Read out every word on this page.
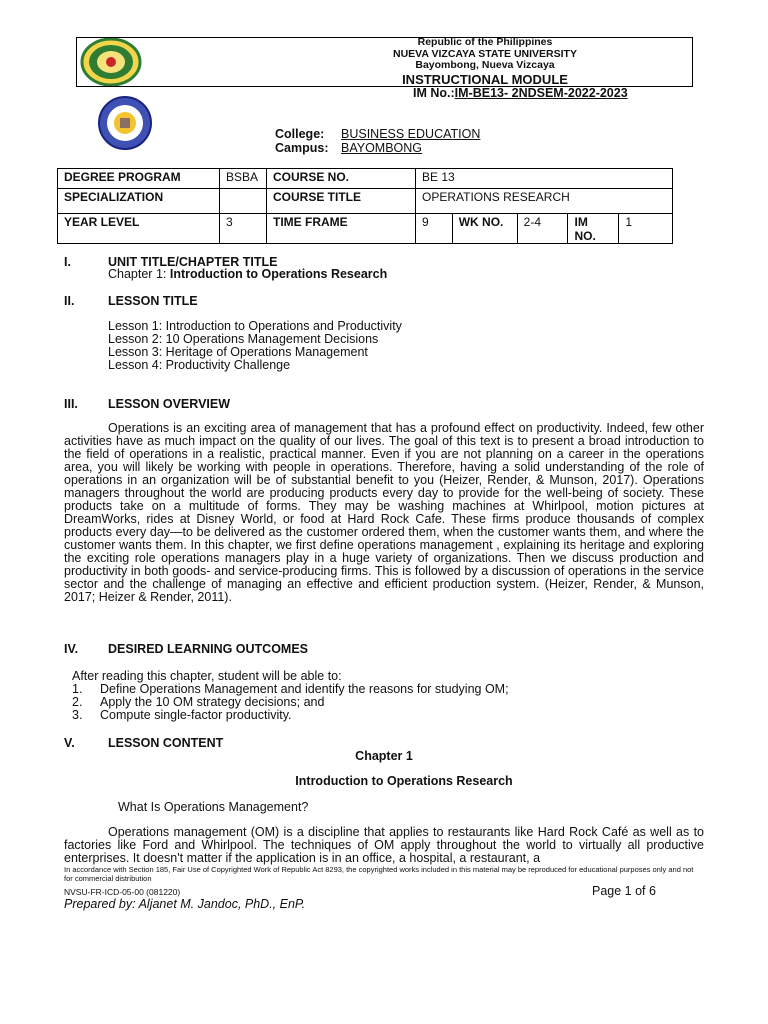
Republic of the Philippines
NUEVA VIZCAYA STATE UNIVERSITY
Bayombong, Nueva Vizcaya
INSTRUCTIONAL MODULE
IM No.:IM-BE13- 2NDSEM-2022-2023
College: BUSINESS EDUCATION
Campus: BAYOMBONG
DEGREE PROGRAM	BSBA	COURSE NO.	BE 13				
SPECIALIZATION		COURSE TITLE	OPERATIONS RESEARCH				
YEAR LEVEL	3	TIME FRAME	9	WK NO.	2-4	IM NO.	1
I.	UNIT TITLE/CHAPTER TITLE
Chapter 1: Introduction to Operations Research
II.	LESSON TITLE
Lesson 1: Introduction to Operations and Productivity
Lesson 2: 10 Operations Management Decisions
Lesson 3: Heritage of Operations Management
Lesson 4: Productivity Challenge
III. LESSON OVERVIEW
Operations is an exciting area of management that has a profound effect on productivity. Indeed, few other activities have as much impact on the quality of our lives. The goal of this text is to present a broad introduction to the field of operations in a realistic, practical manner. Even if you are not planning on a career in the operations area, you will likely be working with people in operations. Therefore, having a solid understanding of the role of operations in an organization will be of substantial benefit to you (Heizer, Render, & Munson, 2017). Operations managers throughout the world are producing products every day to provide for the well-being of society. These products take on a multitude of forms. They may be washing machines at Whirlpool, motion pictures at DreamWorks, rides at Disney World, or food at Hard Rock Cafe. These firms produce thousands of complex products every day—to be delivered as the customer ordered them, when the customer wants them, and where the customer wants them. In this chapter, we first define operations management , explaining its heritage and exploring the exciting role operations managers play in a huge variety of organizations. Then we discuss production and productivity in both goods- and service-producing firms. This is followed by a discussion of operations in the service sector and the challenge of managing an effective and efficient production system. (Heizer, Render, & Munson, 2017; Heizer & Render, 2011).
IV. DESIRED LEARNING OUTCOMES
After reading this chapter, student will be able to:
1. Define Operations Management and identify the reasons for studying OM;
2. Apply the 10 OM strategy decisions; and
3. Compute single-factor productivity.
V.	LESSON CONTENT
Chapter 1
Introduction to Operations Research
What Is Operations Management?
Operations management (OM) is a discipline that applies to restaurants like Hard Rock Café as well as to factories like Ford and Whirlpool. The techniques of OM apply throughout the world to virtually all productive enterprises. It doesn't matter if the application is in an office, a hospital, a restaurant, a
In accordance with Section 185, Fair Use of Copyrighted Work of Republic Act 8293, the copyrighted works included in this material may be reproduced for educational purposes only and not for commercial distribution
NVSU-FR-ICD-05-00 (081220)	Page 1 of 6
Prepared by: Aljanet M. Jandoc, PhD., EnP.
